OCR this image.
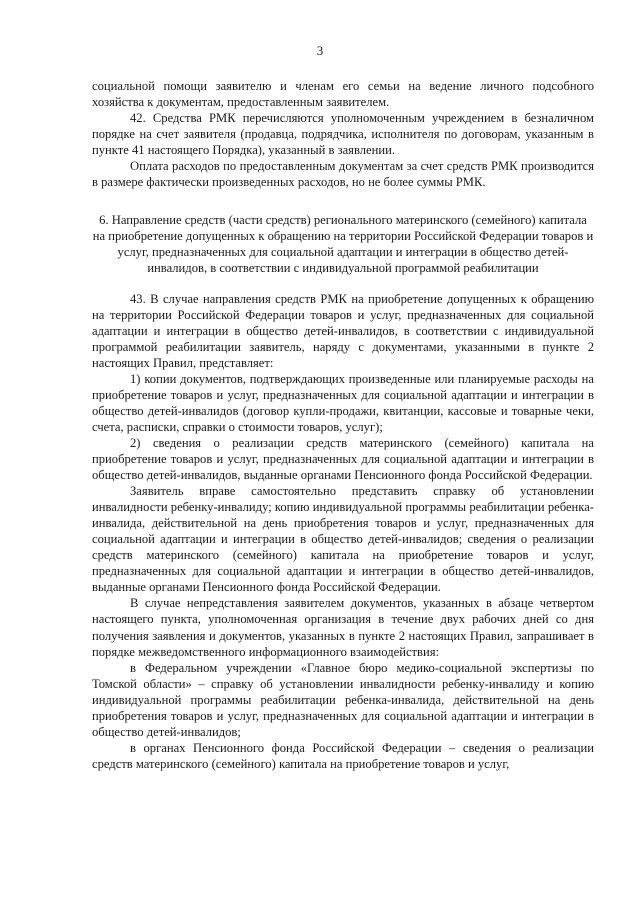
3

социальной помощи заявителю и членам его семьи на ведение личного подсобного хозяйства к документам, предоставленным заявителем.

42. Средства РМК перечисляются уполномоченным учреждением в безналичном порядке на счет заявителя (продавца, подрядчика, исполнителя по договорам, указанным в пункте 41 настоящего Порядка), указанный в заявлении.

Оплата расходов по предоставленным документам за счет средств РМК производится в размере фактически произведенных расходов, но не более суммы РМК.

6. Направление средств (части средств) регионального материнского (семейного) капитала на приобретение допущенных к обращению на территории Российской Федерации товаров и услуг, предназначенных для социальной адаптации и интеграции в общество детей-инвалидов, в соответствии с индивидуальной программой реабилитации

43. В случае направления средств РМК на приобретение допущенных к обращению на территории Российской Федерации товаров и услуг, предназначенных для социальной адаптации и интеграции в общество детей-инвалидов, в соответствии с индивидуальной программой реабилитации заявитель, наряду с документами, указанными в пункте 2 настоящих Правил, представляет:

1) копии документов, подтверждающих произведенные или планируемые расходы на приобретение товаров и услуг, предназначенных для социальной адаптации и интеграции в общество детей-инвалидов (договор купли-продажи, квитанции, кассовые и товарные чеки, счета, расписки, справки о стоимости товаров, услуг);

2) сведения о реализации средств материнского (семейного) капитала на приобретение товаров и услуг, предназначенных для социальной адаптации и интеграции в общество детей-инвалидов, выданные органами Пенсионного фонда Российской Федерации.

Заявитель вправе самостоятельно представить справку об установлении инвалидности ребенку-инвалиду; копию индивидуальной программы реабилитации ребенка-инвалида, действительной на день приобретения товаров и услуг, предназначенных для социальной адаптации и интеграции в общество детей-инвалидов; сведения о реализации средств материнского (семейного) капитала на приобретение товаров и услуг, предназначенных для социальной адаптации и интеграции в общество детей-инвалидов, выданные органами Пенсионного фонда Российской Федерации.

В случае непредставления заявителем документов, указанных в абзаце четвертом настоящего пункта, уполномоченная организация в течение двух рабочих дней со дня получения заявления и документов, указанных в пункте 2 настоящих Правил, запрашивает в порядке межведомственного информационного взаимодействия:

в Федеральном учреждении «Главное бюро медико-социальной экспертизы по Томской области» – справку об установлении инвалидности ребенку-инвалиду и копию индивидуальной программы реабилитации ребенка-инвалида, действительной на день приобретения товаров и услуг, предназначенных для социальной адаптации и интеграции в общество детей-инвалидов;

в органах Пенсионного фонда Российской Федерации – сведения о реализации средств материнского (семейного) капитала на приобретение товаров и услуг,
